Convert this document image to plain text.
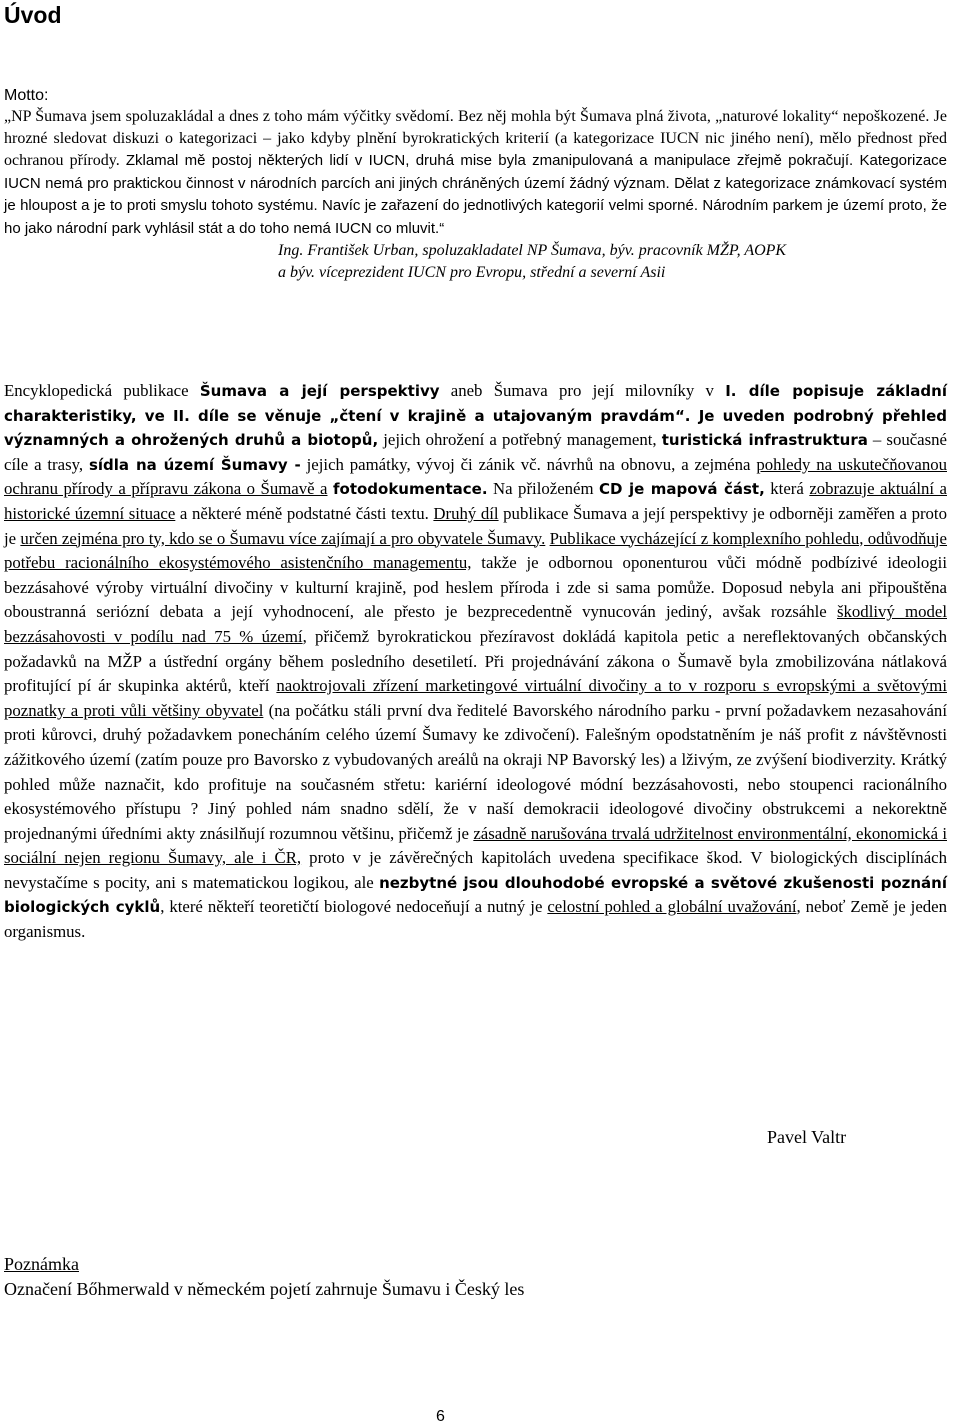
Úvod
Motto:

„NP Šumava jsem spoluzakládal a dnes z toho mám výčitky svědomí. Bez něj mohla být Šumava plná života, „naturové lokality“ nepoškozené. Je hrozné sledovat diskuzi o kategorizaci – jako kdyby plnění byrokratických kriterií (a kategorizace IUCN nic jiného není), mělo přednost před ochranou přírody. Zklamal mě postoj některých lidí v IUCN, druhá mise byla zmanipulovaná a manipulace zřejmě pokračují. Kategorizace IUCN nemá pro praktickou činnost v národních parcích ani jiných chráněných území žádný význam. Dělat z kategorizace známkovací systém je hloupost a je to proti smyslu tohoto systému. Navíc je zařazení do jednotlivých kategorií velmi sporné. Národním parkem je území proto, že ho jako národní park vyhlásil stát a do toho nemá IUCN co mluvit.“

Ing. František Urban, spoluzakladatel NP Šumava, býv. pracovník MŽP, AOPK

a býv. víceprezident IUCN pro Evropu, střední a severní Asii

Encyklopedická publikace Šumava a její perspektivy aneb Šumava pro její milovníky v I. díle popisuje základní charakteristiky, ve II. díle se věnuje „čtení v krajině a utajovaným pravdám“. Je uveden podrobný přehled významných a ohrožených druhů a biotopů, jejich ohrožení a potřebný management, turistická infrastruktura – současné cíle a trasy, sídla na území Šumavy - jejich památky, vývoj či zánik vč. návrhů na obnovu, a zejména pohledy na uskutečňovanou ochranu přírody a přípravu zákona o Šumavě a fotodokumentace. Na přiloženém CD je mapová část, která zobrazuje aktuální a historické územní situace a některé méně podstatné části textu. Druhý díl publikace Šumava a její perspektivy je odborněji zaměřen a proto je určen zejména pro ty, kdo se o Šumavu více zajímají a pro obyvatele Šumavy. Publikace vycházející z komplexního pohledu, odůvodňuje potřebu racionálního ekosystémového asistenčního managementu, takže je odbornou oponenturou vůči módně podbízivé ideologii bezzásahové výroby virtuální divočiny v kulturní krajině, pod heslem příroda i zde si sama pomůže. Doposud nebyla ani připouštěna oboustranná seriózní debata a její vyhodnocení, ale přesto je bezprecedentně vynucován jediný, avšak rozsáhle škodlivý model bezzásahovosti v podílu nad 75 % území, přičemž byrokratickou přezíravost dokládá kapitola petic a nereflektovaných občanských požadavků na MŽP a ústřední orgány během posledního desetiletí. Při projednávání zákona o Šumavě byla zmobilizována nátlaková profitující pí ár skupinka aktérů, kteří naoktrojovali zřízení marketingové virtuální divočiny a to v rozporu s evropskými a světovými poznatky a proti vůli většiny obyvatel (na počátku stáli první dva ředitelé Bavorského národního parku - první požadavkem nezasahování proti kůrovci, druhý požadavkem ponecháním celého území Šumavy ke zdivočení). Falešným opodstatněním je náš profit z návštěvnosti zážitkového území (zatím pouze pro Bavorsko z vybudovaných areálů na okraji NP Bavorský les) a lživým, ze zvýšení biodiverzity. Krátký pohled může naznačit, kdo profituje na současném střetu: kariérní ideologové módní bezzásahovosti, nebo stoupenci racionálního ekosystémového přístupu ? Jiný pohled nám snadno sdělí, že v naší demokracii ideologové divočiny obstrukcemi a nekorektně projednanými úředními akty znásilňují rozumnou většinu, přičemž je zásadně narušována trvalá udržitelnost environmentální, ekonomická i sociální nejen regionu Šumavy, ale i ČR, proto v je závěrečných kapitolách uvedena specifikace škod. V biologických disciplínách nevystačíme s pocity, ani s matematickou logikou, ale nezbytné jsou dlouhodobé evropské a světové zkušenosti poznání biologických cyklů, které někteří teoretičtí biologové nedoceňují a nutný je celostní pohled a globální uvažování, neboť Země je jeden organismus.

Pavel Valtr
Poznámka
Označení Bőhmerwald v německém pojetí zahrnuje Šumavu i Český les
6
